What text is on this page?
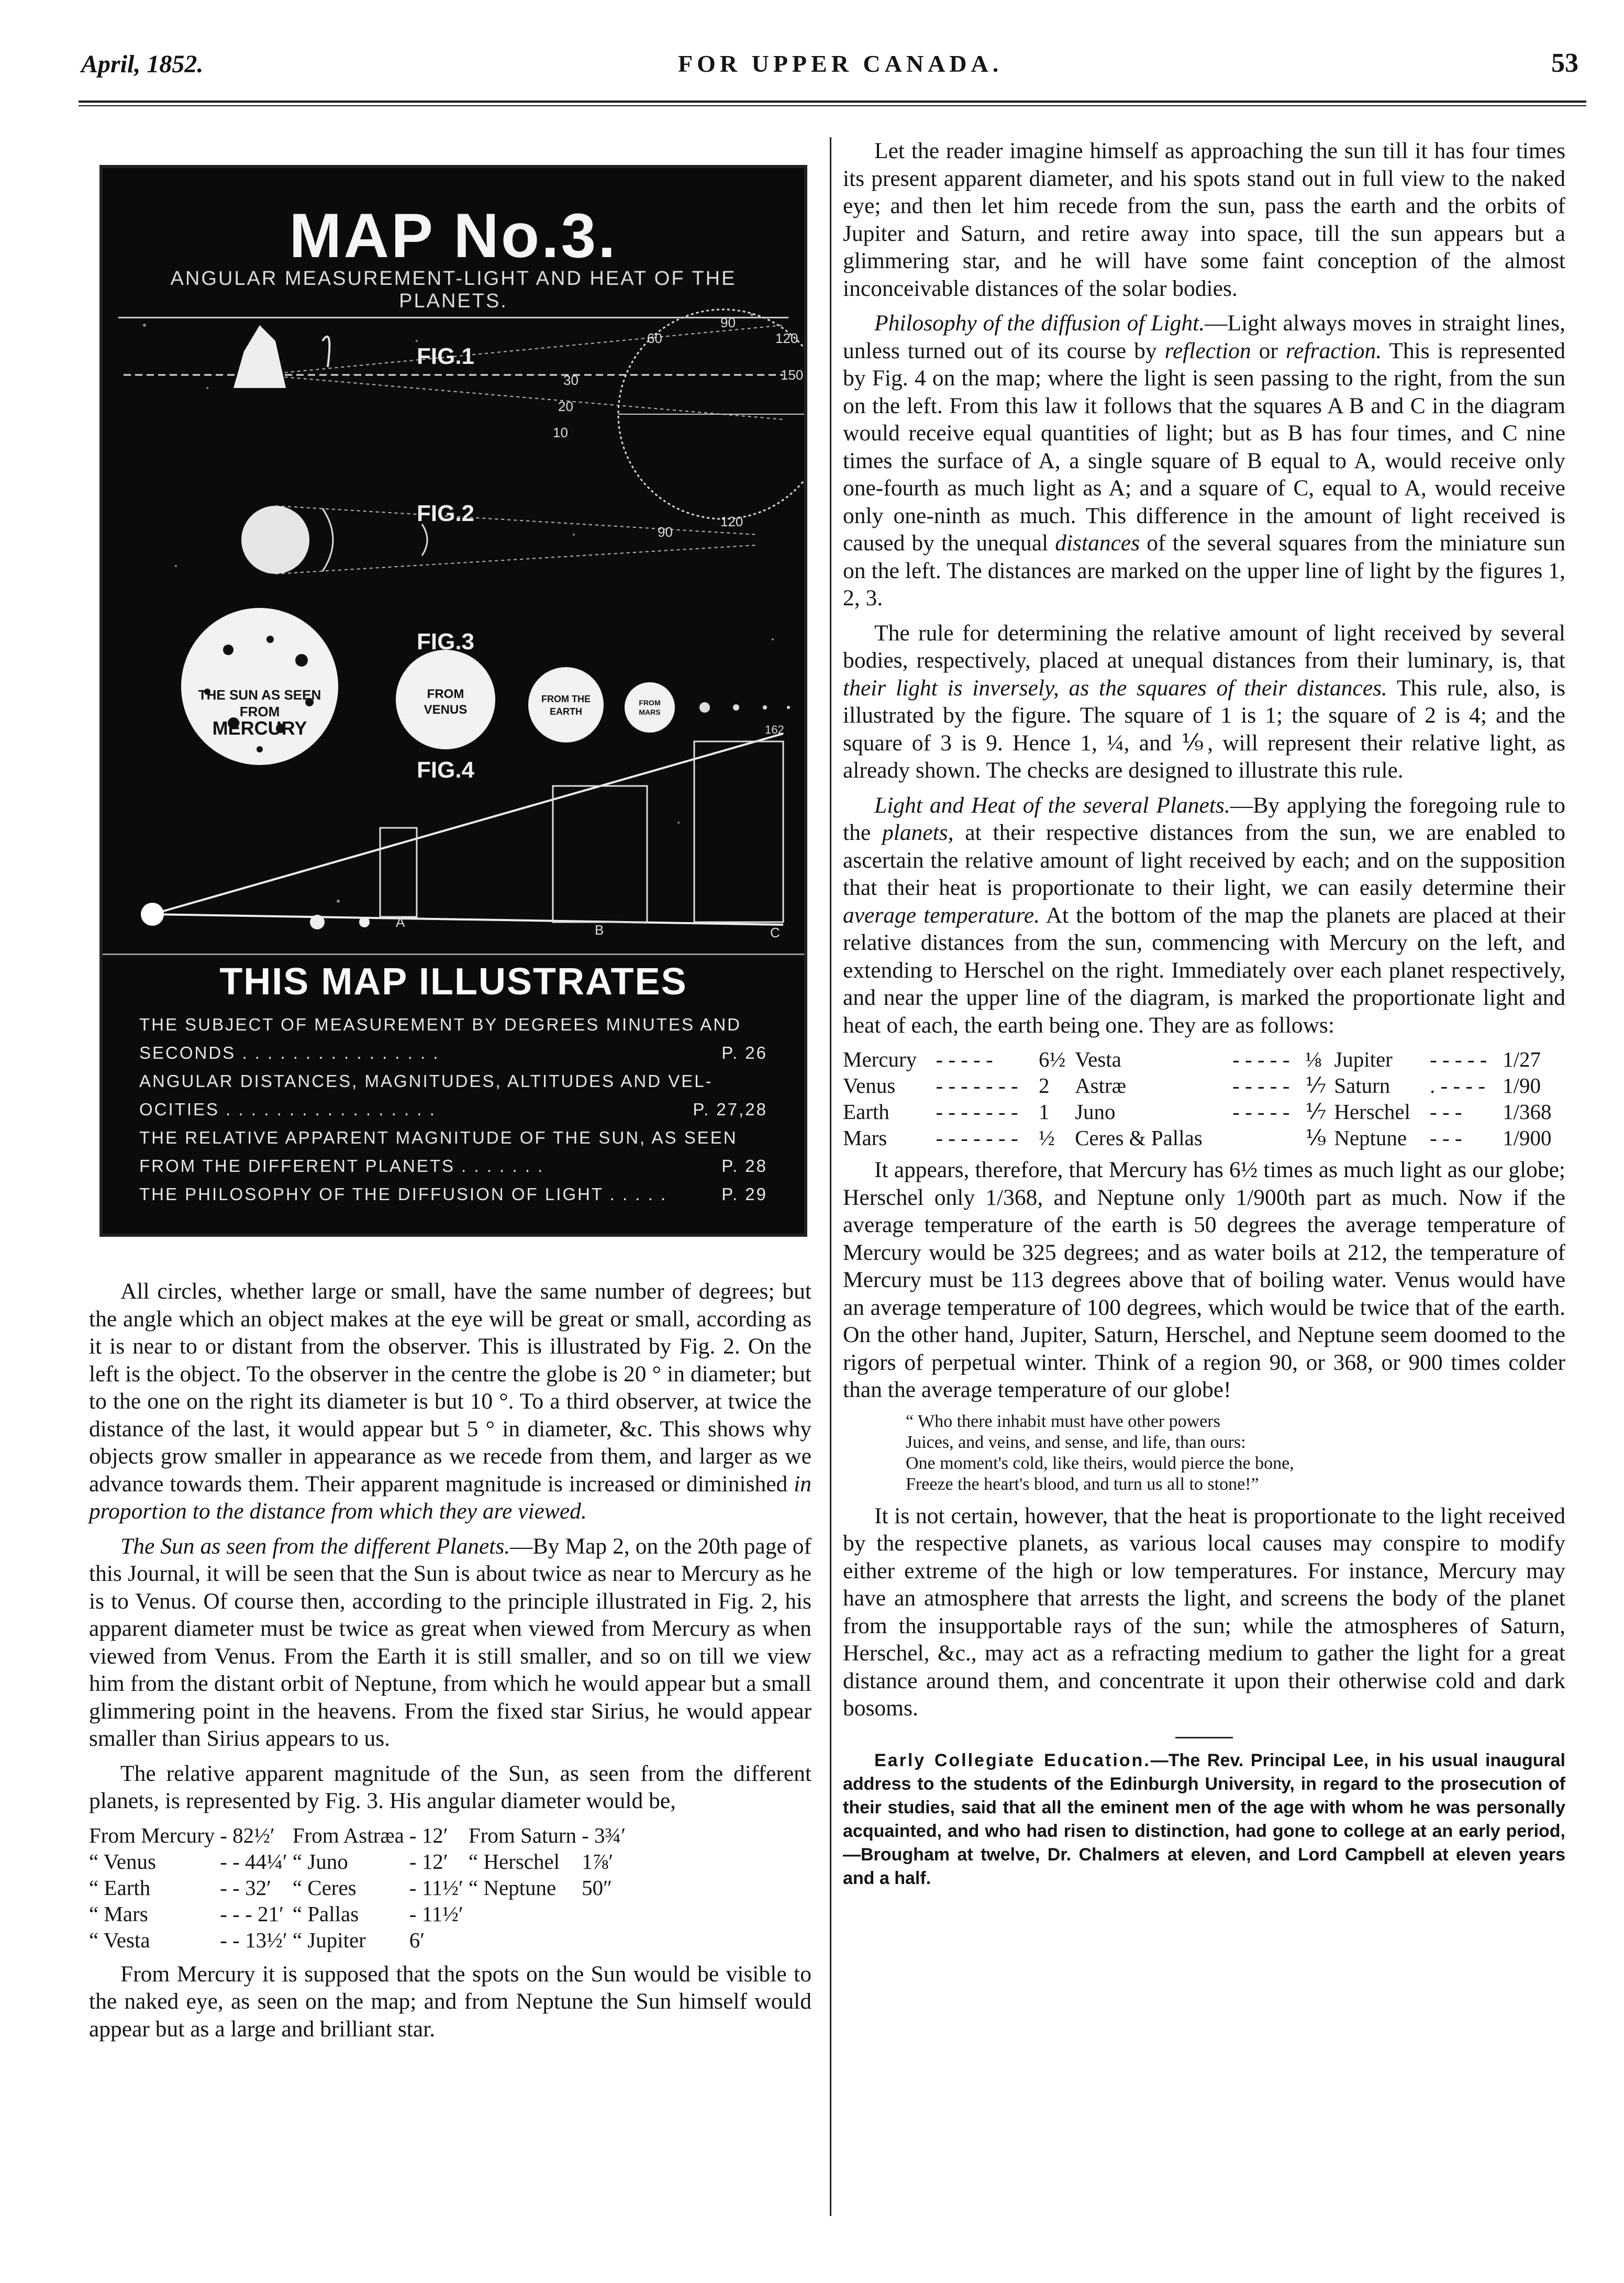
April, 1852.	FOR UPPER CANADA.	53
MAP No.3.
ANGULAR MEASUREMENT-LIGHT AND HEAT OF THE PLANETS.
FIG.1
FIG.2
FIG.3
FIG.4
60
90
120
150
30
20
10
90
120
THE SUN AS SEEN FROM
MERCURY
FROM
VENUS
FROM THE
EARTH
FROM
MARS
A	B	C
162
THIS MAP ILLUSTRATES
THE SUBJECT OF MEASUREMENT BY DEGREES MINUTES AND
SECONDS . . . . . . . . . . . . . . . .	P. 26
ANGULAR DISTANCES, MAGNITUDES, ALTITUDES AND VEL-
OCITIES . . . . . . . . . . . . . . . . .	P. 27,28
THE RELATIVE APPARENT MAGNITUDE OF THE SUN, AS SEEN
FROM THE DIFFERENT PLANETS . . . . . . .	P. 28
THE PHILOSOPHY OF THE DIFFUSION OF LIGHT . . . . .	P. 29

All circles, whether large or small, have the same number of degrees; but the angle which an object makes at the eye will be great or small, according as it is near to or distant from the observer. This is illustrated by Fig. 2. On the left is the object. To the observer in the centre the globe is 20 ° in diameter; but to the one on the right its diameter is but 10 °. To a third observer, at twice the distance of the last, it would appear but 5 ° in diameter, &c. This shows why objects grow smaller in appearance as we recede from them, and larger as we advance towards them. Their apparent magnitude is increased or diminished in proportion to the distance from which they are viewed.

The Sun as seen from the different Planets.—By Map 2, on the 20th page of this Journal, it will be seen that the Sun is about twice as near to Mercury as he is to Venus. Of course then, according to the principle illustrated in Fig. 2, his apparent diameter must be twice as great when viewed from Mercury as when viewed from Venus. From the Earth it is still smaller, and so on till we view him from the distant orbit of Neptune, from which he would appear but a small glimmering point in the heavens. From the fixed star Sirius, he would appear smaller than Sirius appears to us.

The relative apparent magnitude of the Sun, as seen from the different planets, is represented by Fig. 3. His angular diameter would be,

From Mercury	- 82½′	From Astræa	- 12′	From Saturn	- 3¾′
“ Venus	- - 44¼′	“ Juno	- 12′	“ Herschel	1⅞′
“ Earth	- - 32′	“ Ceres	- 11½′	“ Neptune	50″
“ Mars	- - - 21′	“ Pallas	- 11½′		
“ Vesta	- - 13½′	“ Jupiter	6′		

From Mercury it is supposed that the spots on the Sun would be visible to the naked eye, as seen on the map; and from Neptune the Sun himself would appear but as a large and brilliant star.

Let the reader imagine himself as approaching the sun till it has four times its present apparent diameter, and his spots stand out in full view to the naked eye; and then let him recede from the sun, pass the earth and the orbits of Jupiter and Saturn, and retire away into space, till the sun appears but a glimmering star, and he will have some faint conception of the almost inconceivable distances of the solar bodies.

Philosophy of the diffusion of Light.—Light always moves in straight lines, unless turned out of its course by reflection or refraction. This is represented by Fig. 4 on the map; where the light is seen passing to the right, from the sun on the left. From this law it follows that the squares A B and C in the diagram would receive equal quantities of light; but as B has four times, and C nine times the surface of A, a single square of B equal to A, would receive only one-fourth as much light as A; and a square of C, equal to A, would receive only one-ninth as much. This difference in the amount of light received is caused by the unequal distances of the several squares from the miniature sun on the left. The distances are marked on the upper line of light by the figures 1, 2, 3.

The rule for determining the relative amount of light received by several bodies, respectively, placed at unequal distances from their luminary, is, that their light is inversely, as the squares of their distances. This rule, also, is illustrated by the figure. The square of 1 is 1; the square of 2 is 4; and the square of 3 is 9. Hence 1, ¼, and ⅑, will represent their relative light, as already shown. The checks are designed to illustrate this rule.

Light and Heat of the several Planets.—By applying the foregoing rule to the planets, at their respective distances from the sun, we are enabled to ascertain the relative amount of light received by each; and on the supposition that their heat is proportionate to their light, we can easily determine their average temperature. At the bottom of the map the planets are placed at their relative distances from the sun, commencing with Mercury on the left, and extending to Herschel on the right. Immediately over each planet respectively, and near the upper line of the diagram, is marked the proportionate light and heat of each, the earth being one. They are as follows:

Mercury	- - - - -	6½	Vesta	- - - - -	⅛	Jupiter	- - - - -	1/27
Venus	- - - - - - -	2	Astræ	- - - - -	⅐	Saturn	. - - - -	1/90
Earth	- - - - - - -	1	Juno	- - - - -	⅐	Herschel	- - -	1/368
Mars	- - - - - - -	½	Ceres & Pallas		⅑	Neptune	- - -	1/900

It appears, therefore, that Mercury has 6½ times as much light as our globe; Herschel only 1/368, and Neptune only 1/900th part as much. Now if the average temperature of the earth is 50 degrees the average temperature of Mercury would be 325 degrees; and as water boils at 212, the temperature of Mercury must be 113 degrees above that of boiling water. Venus would have an average temperature of 100 degrees, which would be twice that of the earth. On the other hand, Jupiter, Saturn, Herschel, and Neptune seem doomed to the rigors of perpetual winter. Think of a region 90, or 368, or 900 times colder than the average temperature of our globe!

“ Who there inhabit must have other powers
Juices, and veins, and sense, and life, than ours:
One moment's cold, like theirs, would pierce the bone,
Freeze the heart's blood, and turn us all to stone!”

It is not certain, however, that the heat is proportionate to the light received by the respective planets, as various local causes may conspire to modify either extreme of the high or low temperatures. For instance, Mercury may have an atmosphere that arrests the light, and screens the body of the planet from the insupportable rays of the sun; while the atmospheres of Saturn, Herschel, &c., may act as a refracting medium to gather the light for a great distance around them, and concentrate it upon their otherwise cold and dark bosoms.

Early Collegiate Education.—The Rev. Principal Lee, in his usual inaugural address to the students of the Edinburgh University, in regard to the prosecution of their studies, said that all the eminent men of the age with whom he was personally acquainted, and who had risen to distinction, had gone to college at an early period,—Brougham at twelve, Dr. Chalmers at eleven, and Lord Campbell at eleven years and a half.
